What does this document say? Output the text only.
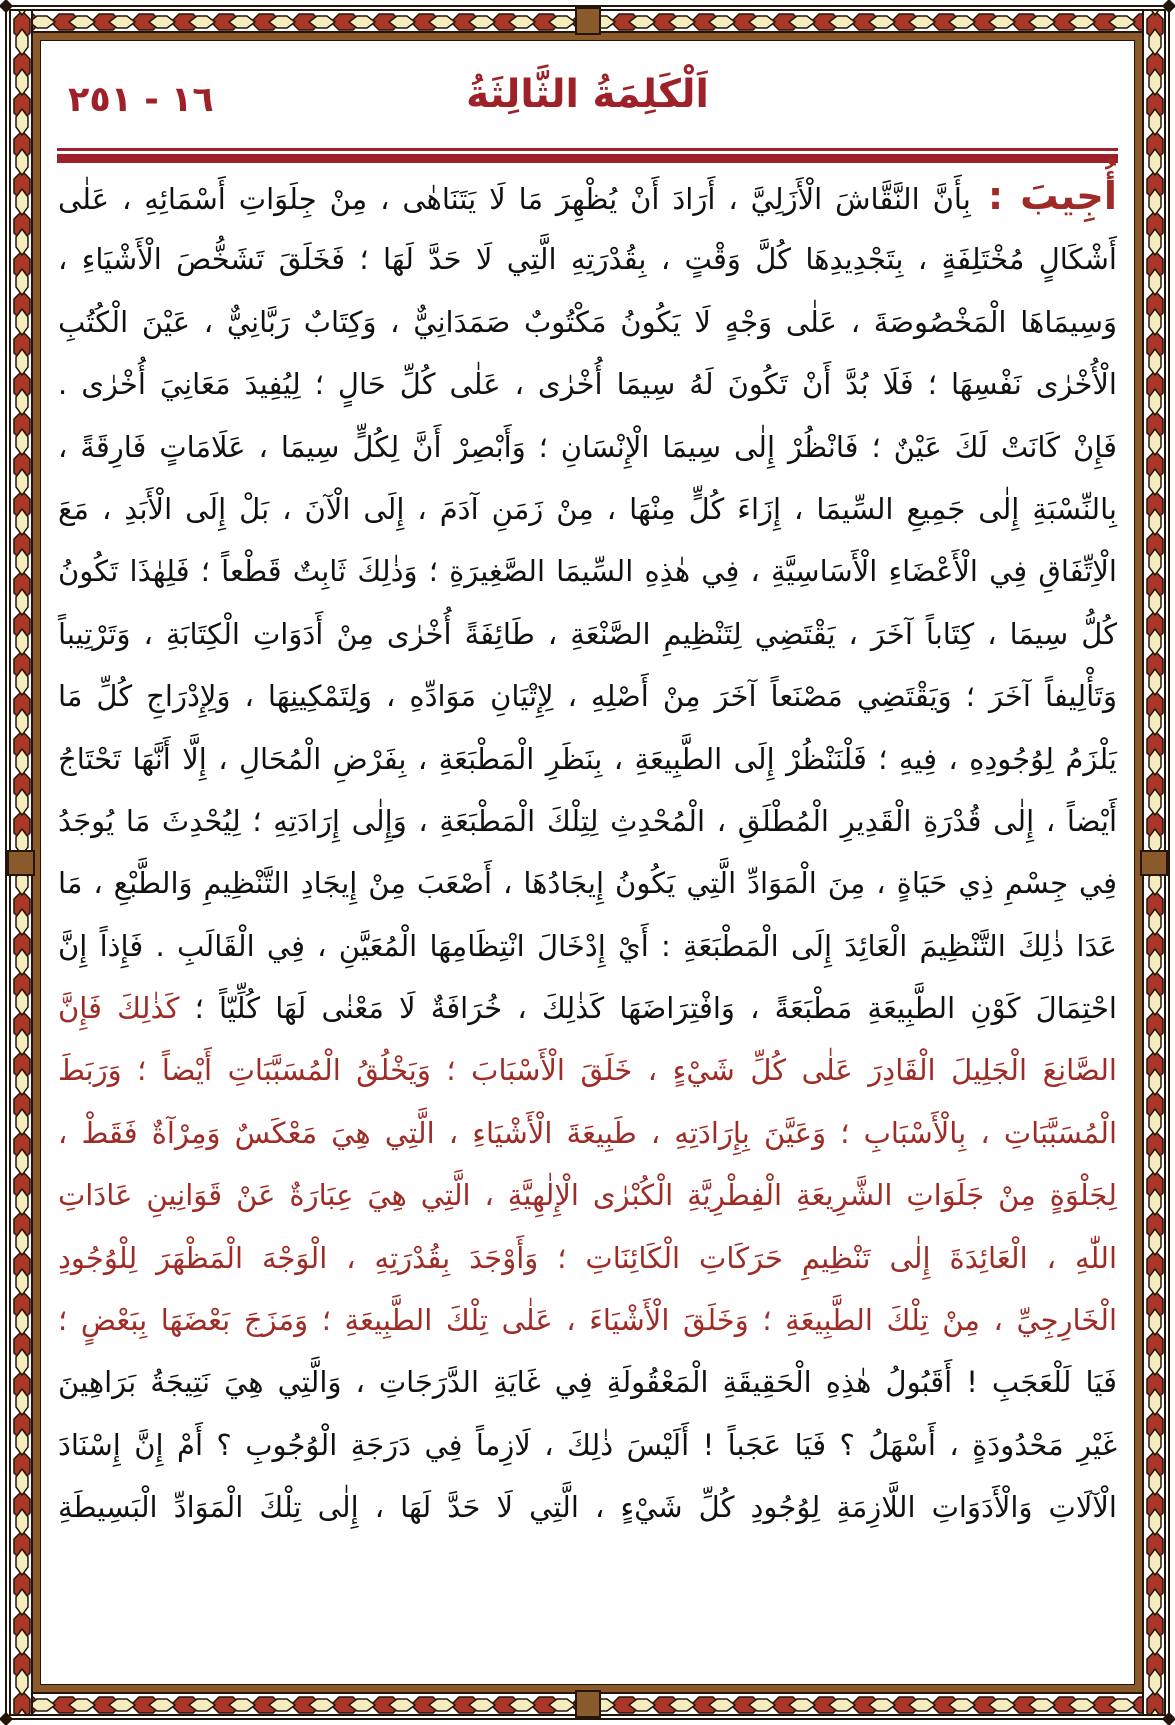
١٦ - ٢٥١	اَلْكَلِمَةُ الثَّالِثَةُ
أُجِيبَ : بِأَنَّ النَّقَّاشَ الْأَزَلِيَّ ، أَرَادَ أَنْ يُظْهِرَ مَا لَا يَتَنَاهٰى ، مِنْ جِلَوَاتِ أَسْمَائِهِ ، عَلٰى
أَشْكَالٍ مُخْتَلِفَةٍ ، بِتَجْدِيدِهَا كُلَّ وَقْتٍ ، بِقُدْرَتِهِ الَّتِي لَا حَدَّ لَهَا ؛ فَخَلَقَ تَشَخُّصَ الْأَشْيَاءِ ،
وَسِيمَاهَا الْمَخْصُوصَةَ ، عَلٰى وَجْهٍ لَا يَكُونُ مَكْتُوبٌ صَمَدَانِيٌّ ، وَكِتَابٌ رَبَّانِيٌّ ، عَيْنَ الْكُتُبِ
الْأُخْرٰى نَفْسِهَا ؛ فَلَا بُدَّ أَنْ تَكُونَ لَهُ سِيمَا أُخْرٰى ، عَلٰى كُلِّ حَالٍ ؛ لِيُفِيدَ مَعَانِيَ أُخْرٰى .
فَإِنْ كَانَتْ لَكَ عَيْنٌ ؛ فَانْظُرْ إِلٰى سِيمَا الْإِنْسَانِ ؛ وَأَبْصِرْ أَنَّ لِكُلٍّ سِيمَا ، عَلَامَاتٍ فَارِقَةً ،
بِالنِّسْبَةِ إِلٰى جَمِيعِ السِّيمَا ، إِزَاءَ كُلٍّ مِنْهَا ، مِنْ زَمَنِ آدَمَ ، إِلَى الْآنَ ، بَلْ إِلَى الْأَبَدِ ، مَعَ
الْاِتِّفَاقِ فِي الْأَعْضَاءِ الْأَسَاسِيَّةِ ، فِي هٰذِهِ السِّيمَا الصَّغِيرَةِ ؛ وَذٰلِكَ ثَابِتٌ قَطْعاً ؛ فَلِهٰذَا تَكُونُ
كُلُّ سِيمَا ، كِتَاباً آخَرَ ، يَقْتَضِي لِتَنْظِيمِ الصَّنْعَةِ ، طَائِفَةً أُخْرٰى مِنْ أَدَوَاتِ الْكِتَابَةِ ، وَتَرْتِيباً
وَتَأْلِيفاً آخَرَ ؛ وَيَقْتَضِي مَصْنَعاً آخَرَ مِنْ أَصْلِهِ ، لِإِتْيَانِ مَوَادِّهِ ، وَلِتَمْكِينِهَا ، وَلِإِدْرَاجِ كُلِّ مَا
يَلْزَمُ لِوُجُودِهِ ، فِيهِ ؛ فَلْنَنْظُرْ إِلَى الطَّبِيعَةِ ، بِنَظَرِ الْمَطْبَعَةِ ، بِفَرْضِ الْمُحَالِ ، إِلَّا أَنَّهَا تَحْتَاجُ
أَيْضاً ، إِلٰى قُدْرَةِ الْقَدِيرِ الْمُطْلَقِ ، الْمُحْدِثِ لِتِلْكَ الْمَطْبَعَةِ ، وَإِلٰى إِرَادَتِهِ ؛ لِيُحْدِثَ مَا يُوجَدُ
فِي جِسْمِ ذِي حَيَاةٍ ، مِنَ الْمَوَادِّ الَّتِي يَكُونُ إِيجَادُهَا ، أَصْعَبَ مِنْ إِيجَادِ التَّنْظِيمِ وَالطَّبْعِ ، مَا
عَدَا ذٰلِكَ التَّنْظِيمَ الْعَائِدَ إِلَى الْمَطْبَعَةِ : أَيْ إِدْخَالَ انْتِظَامِهَا الْمُعَيَّنِ ، فِي الْقَالَبِ . فَإِذاً إِنَّ
احْتِمَالَ كَوْنِ الطَّبِيعَةِ مَطْبَعَةً ، وَافْتِرَاضَهَا كَذٰلِكَ ، خُرَافَةٌ لَا مَعْنٰى لَهَا كُلِّيّاً ؛ كَذٰلِكَ فَإِنَّ
الصَّانِعَ الْجَلِيلَ الْقَادِرَ عَلٰى كُلِّ شَيْءٍ ، خَلَقَ الْأَسْبَابَ ؛ وَيَخْلُقُ الْمُسَبَّبَاتِ أَيْضاً ؛ وَرَبَطَ
الْمُسَبَّبَاتِ ، بِالْأَسْبَابِ ؛ وَعَيَّنَ بِإِرَادَتِهِ ، طَبِيعَةَ الْأَشْيَاءِ ، الَّتِي هِيَ مَعْكَسٌ وَمِرْآةٌ فَقَطْ ،
لِجَلْوَةٍ مِنْ جَلَوَاتِ الشَّرِيعَةِ الْفِطْرِيَّةِ الْكُبْرٰى الْإِلٰهِيَّةِ ، الَّتِي هِيَ عِبَارَةٌ عَنْ قَوَانِينِ عَادَاتِ
اللّٰهِ ، الْعَائِدَةَ إِلٰى تَنْظِيمِ حَرَكَاتِ الْكَائِنَاتِ ؛ وَأَوْجَدَ بِقُدْرَتِهِ ، الْوَجْهَ الْمَظْهَرَ لِلْوُجُودِ
الْخَارِجِيِّ ، مِنْ تِلْكَ الطَّبِيعَةِ ؛ وَخَلَقَ الْأَشْيَاءَ ، عَلٰى تِلْكَ الطَّبِيعَةِ ؛ وَمَزَجَ بَعْضَهَا بِبَعْضٍ ؛
فَيَا لَلْعَجَبِ ! أَقَبُولُ هٰذِهِ الْحَقِيقَةِ الْمَعْقُولَةِ فِي غَايَةِ الدَّرَجَاتِ ، وَالَّتِي هِيَ نَتِيجَةُ بَرَاهِينَ
غَيْرِ مَحْدُودَةٍ ، أَسْهَلُ ؟ فَيَا عَجَباً ! أَلَيْسَ ذٰلِكَ ، لَازِماً فِي دَرَجَةِ الْوُجُوبِ ؟ أَمْ إِنَّ إِسْنَادَ
الْآلَاتِ وَالْأَدَوَاتِ اللَّازِمَةِ لِوُجُودِ كُلِّ شَيْءٍ ، الَّتِي لَا حَدَّ لَهَا ، إِلٰى تِلْكَ الْمَوَادِّ الْبَسِيطَةِ
